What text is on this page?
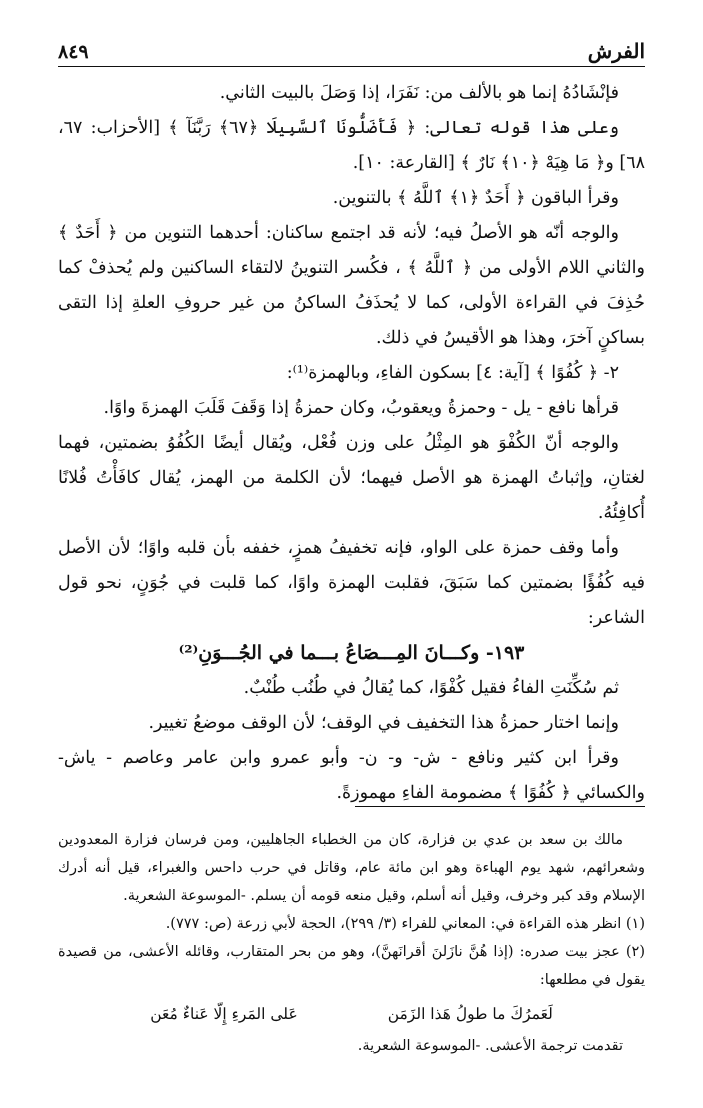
الفرش
٨٤٩

فإنْشَادُهُ إنما هو بالألف من: نَفَرَا، إذا وَصَلَ بالبيت الثاني.

وعلى هذا قوله تعالى: ﴿ فَأَضَلُّونَا ٱلسَّبِيلَا ﴿٦٧﴾ رَبَّنَآ ﴾ [الأحزاب: ٦٧، ٦٨] و﴿ مَا هِيَهْ ﴿١٠﴾ نَارٌ ﴾ [القارعة: ١٠].

وقرأ الباقون ﴿ أَحَدٌ ﴿١﴾ ٱللَّهُ ﴾ بالتنوين.

والوجه أنّه هو الأصلُ فيه؛ لأنه قد اجتمع ساكنان: أحدهما التنوين من ﴿ أَحَدٌ ﴾ والثاني اللام الأولى من ﴿ ٱللَّهُ ﴾ ، فكُسر التنوينُ لالتقاء الساكنين ولم يُحذفْ كما حُذِفَ في القراءة الأولى، كما لا يُحذَفُ الساكنُ من غير حروفِ العلةِ إذا التقى بساكنٍ آخرَ، وهذا هو الأقيسُ في ذلك.

٢- ﴿ كُفُوًا ﴾ [آية: ٤] بسكون الفاءِ، وبالهمزة⁽¹⁾:

قرأها نافع - يل - وحمزةُ ويعقوبُ، وكان حمزةُ إذا وَقَفَ قَلَبَ الهمزةَ واوًا.

والوجه أنّ الكُفْوَ هو المِثْلُ على وزن فُعْل، ويُقال أيضًا الكُفُوُ بضمتين، فهما لغتانِ، وإثباتُ الهمزة هو الأصل فيهما؛ لأن الكلمة من الهمز، يُقال كافَأْتُ فُلانًا أُكافِئُهُ.

وأما وقف حمزة على الواو، فإنه تخفيفُ همزٍ، خففه بأن قلبه واوًا؛ لأن الأصل فيه كُفُؤًا بضمتين كما سَبَقَ، فقلبت الهمزة واوًا، كما قلبت في جُوَنٍ، نحو قول الشاعر:

١٩٣- وكـــانَ المِـــصَاعُ بـــما في الجُـــوَنِ⁽²⁾

ثم سُكِّنَتِ الفاءُ فقيل كُفْوًا، كما يُقالُ في طُنُب طُنْبٌ.

وإنما اختار حمزةُ هذا التخفيف في الوقف؛ لأن الوقف موضعُ تغيير.

وقرأ ابن كثير ونافع - ش- و- ن- وأبو عمرو وابن عامر وعاصم - ياش- والكسائي ﴿ كُفُوًا ﴾ مضمومة الفاءِ مهموزةً.

مالك بن سعد بن عدي بن فزارة، كان من الخطباء الجاهليين، ومن فرسان فزارة المعدودين وشعرائهم، شهد يوم الهباءة وهو ابن مائة عام، وقاتل في حرب داحس والغبراء، قيل أنه أدرك الإسلام وقد كبر وخرف، وقيل أنه أسلم، وقيل منعه قومه أن يسلم. -الموسوعة الشعرية.

(١) انظر هذه القراءة في: المعاني للفراء (٣/ ٢٩٩)، الحجة لأبي زرعة (ص: ٧٧٧).

(٢) عجز بيت صدره: (إذا هُنَّ نازَلنَ أقرانَهنَّ)، وهو من بحر المتقارب، وقائله الأعشى، من قصيدة يقول في مطلعها:

لَعَمرُكَ ما طولُ هَذا الزَمَن
عَلى المَرءِ إِلّا عَناءٌ مُعَن

تقدمت ترجمة الأعشى. -الموسوعة الشعرية.
